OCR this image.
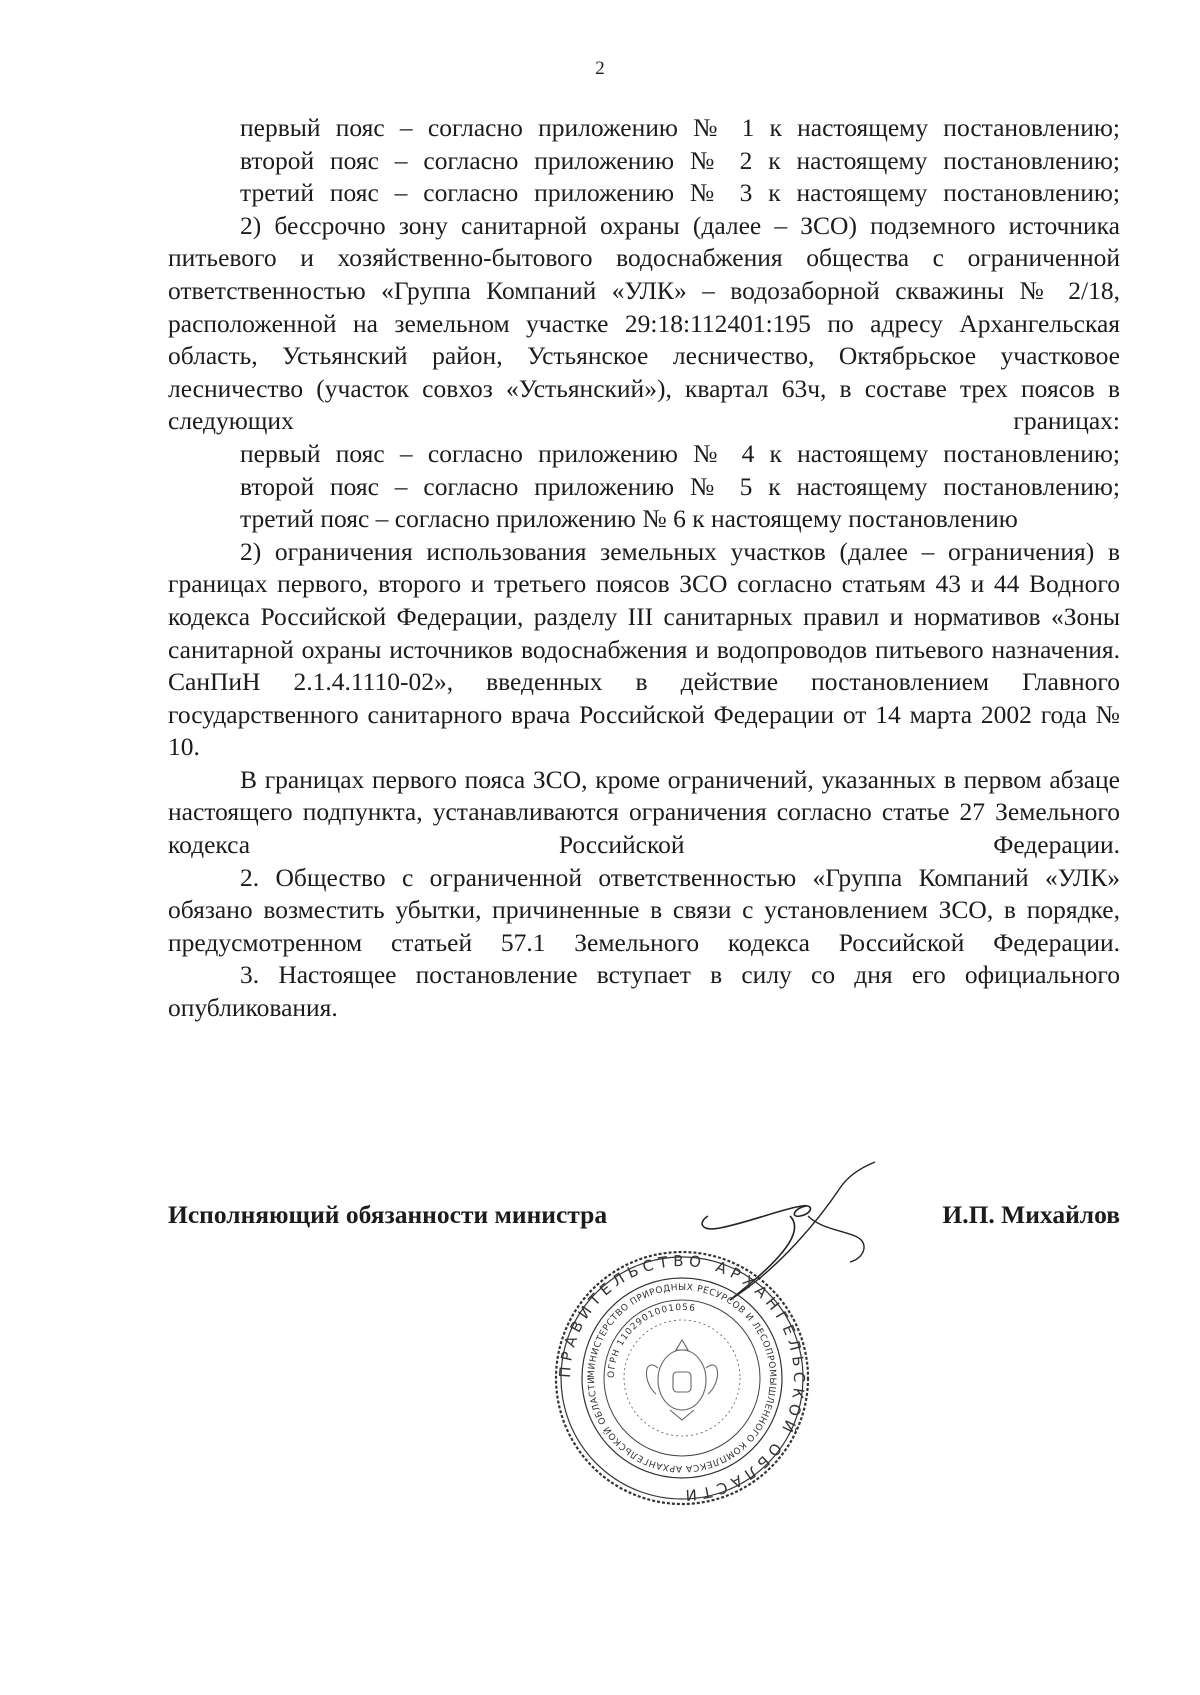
2

первый пояс – согласно приложению № 1 к настоящему постановлению;

второй пояс – согласно приложению № 2 к настоящему постановлению;

третий пояс – согласно приложению № 3 к настоящему постановлению;

2) бессрочно зону санитарной охраны (далее – ЗСО) подземного источника питьевого и хозяйственно-бытового водоснабжения общества с ограниченной ответственностью «Группа Компаний «УЛК» – водозаборной скважины № 2/18, расположенной на земельном участке 29:18:112401:195 по адресу Архангельская область, Устьянский район, Устьянское лесничество, Октябрьское участковое лесничество (участок совхоз «Устьянский»), квартал 63ч, в составе трех поясов в следующих границах:

первый пояс – согласно приложению № 4 к настоящему постановлению;

второй пояс – согласно приложению № 5 к настоящему постановлению;

третий пояс – согласно приложению № 6 к настоящему постановлению

2) ограничения использования земельных участков (далее – ограничения) в границах первого, второго и третьего поясов ЗСО согласно статьям 43 и 44 Водного кодекса Российской Федерации, разделу III санитарных правил и нормативов «Зоны санитарной охраны источников водоснабжения и водопроводов питьевого назначения. СанПиН 2.1.4.1110-02», введенных в действие постановлением Главного государственного санитарного врача Российской Федерации от 14 марта 2002 года № 10.

В границах первого пояса ЗСО, кроме ограничений, указанных в первом абзаце настоящего подпункта, устанавливаются ограничения согласно статье 27 Земельного кодекса Российской Федерации.

2. Общество с ограниченной ответственностью «Группа Компаний «УЛК» обязано возместить убытки, причиненные в связи с установлением ЗСО, в порядке, предусмотренном статьей 57.1 Земельного кодекса Российской Федерации.

3. Настоящее постановление вступает в силу со дня его официального опубликования.

Исполняющий обязанности министра	И.П. Михайлов
ПРАВИТЕЛЬСТВО АРХАНГЕЛЬСКОЙ ОБЛАСТИ
МИНИСТЕРСТВО ПРИРОДНЫХ РЕСУРСОВ И ЛЕСОПРОМЫШЛЕННОГО КОМПЛЕКСА АРХАНГЕЛЬСКОЙ ОБЛАСТИ
ОГРН 1102901001056
